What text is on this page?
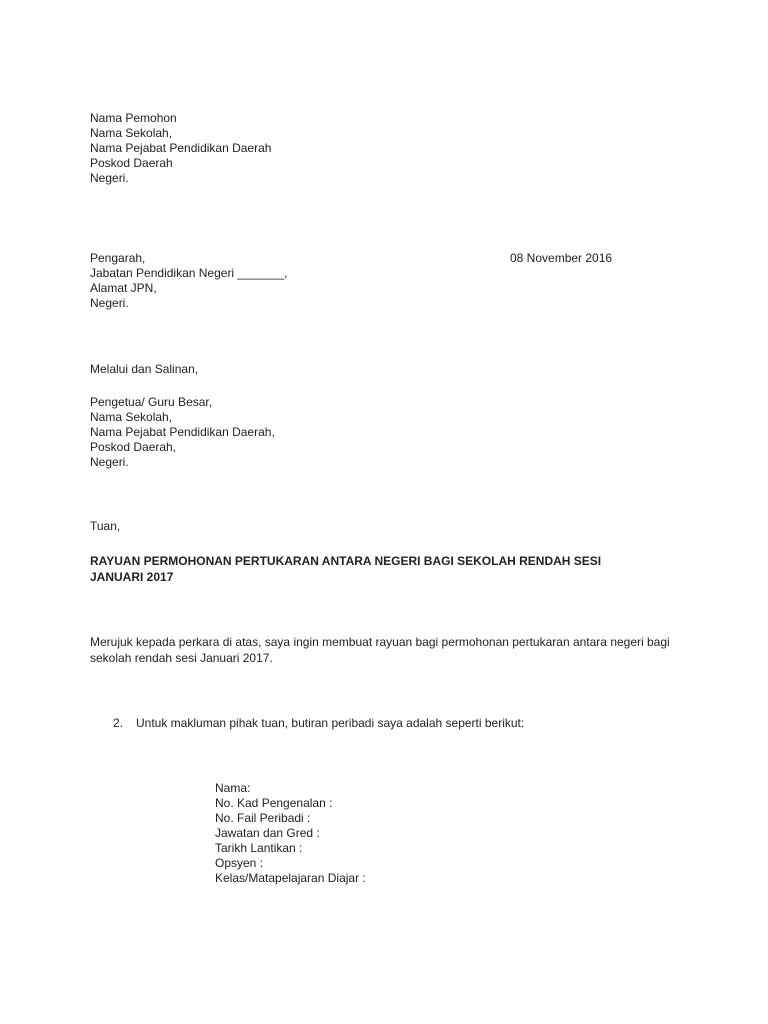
Nama Pemohon
Nama Sekolah,
Nama Pejabat Pendidikan Daerah
Poskod Daerah
Negeri.
Pengarah,
Jabatan Pendidikan Negeri _______,
Alamat JPN,
Negeri.
08 November 2016
Melalui dan Salinan,
Pengetua/ Guru Besar,
Nama Sekolah,
Nama Pejabat Pendidikan Daerah,
Poskod Daerah,
Negeri.
Tuan,
RAYUAN PERMOHONAN PERTUKARAN ANTARA NEGERI BAGI SEKOLAH RENDAH SESI JANUARI 2017
Merujuk kepada perkara di atas, saya ingin membuat rayuan bagi permohonan pertukaran antara negeri bagi sekolah rendah sesi Januari 2017.
2. Untuk makluman pihak tuan, butiran peribadi saya adalah seperti berikut:
Nama:
No. Kad Pengenalan :
No. Fail Peribadi :
Jawatan dan Gred :
Tarikh Lantikan :
Opsyen :
Kelas/Matapelajaran Diajar :
